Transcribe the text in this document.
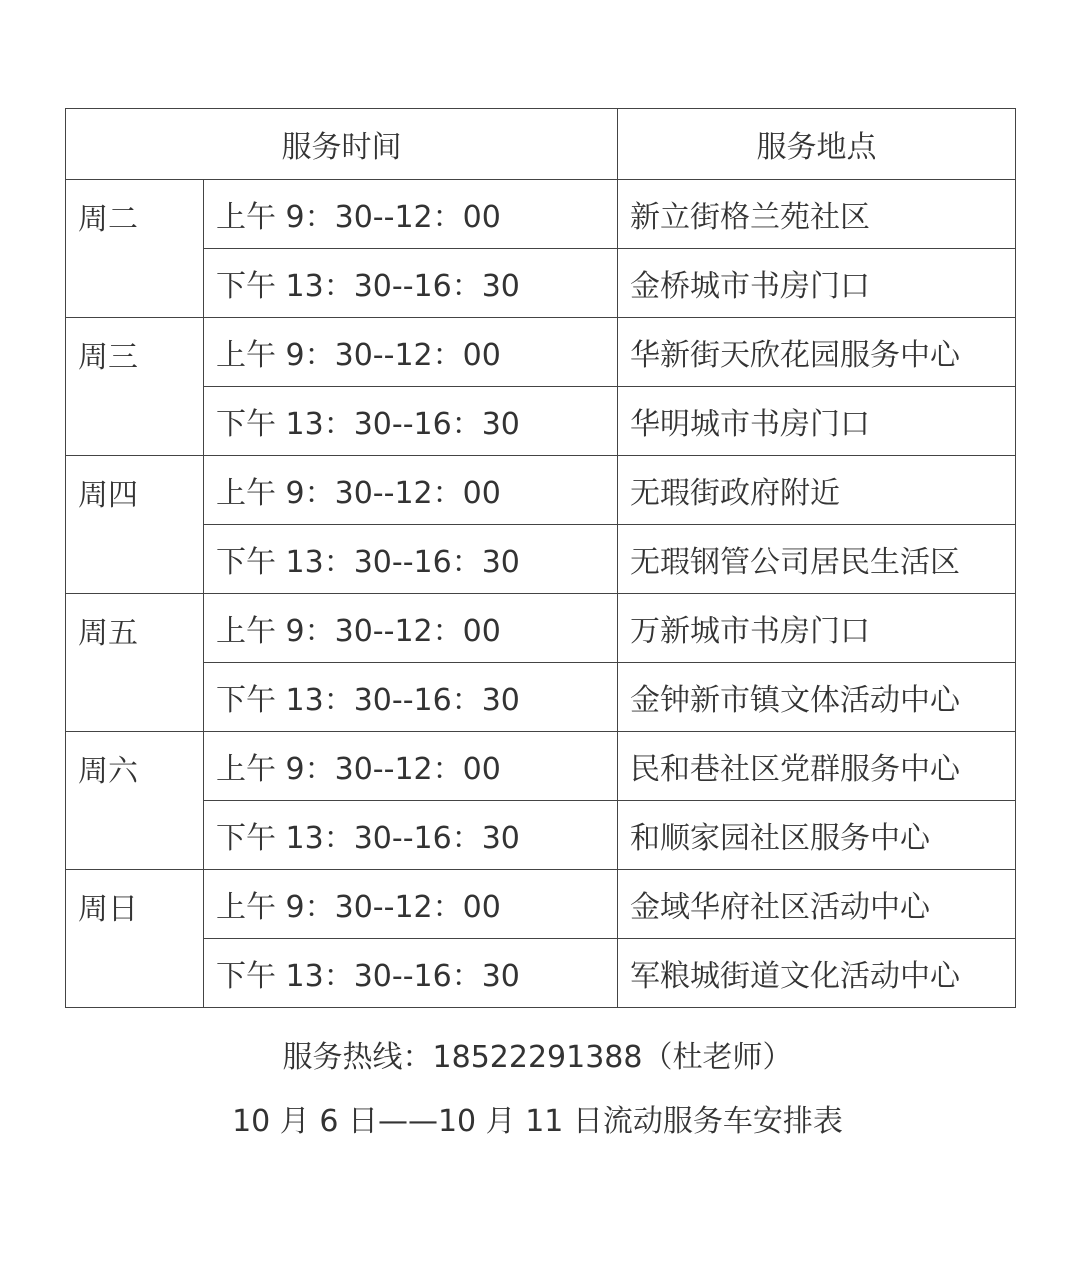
服务时间		服务地点
周二	上午 9：30--12：00	新立街格兰苑社区
	下午 13：30--16：30	金桥城市书房门口
周三	上午 9：30--12：00	华新街天欣花园服务中心
	下午 13：30--16：30	华明城市书房门口
周四	上午 9：30--12：00	无瑕街政府附近
	下午 13：30--16：30	无瑕钢管公司居民生活区
周五	上午 9：30--12：00	万新城市书房门口
	下午 13：30--16：30	金钟新市镇文体活动中心
周六	上午 9：30--12：00	民和巷社区党群服务中心
	下午 13：30--16：30	和顺家园社区服务中心
周日	上午 9：30--12：00	金域华府社区活动中心
	下午 13：30--16：30	军粮城街道文化活动中心
服务热线：18522291388（杜老师）
10 月 6 日——10 月 11 日流动服务车安排表
